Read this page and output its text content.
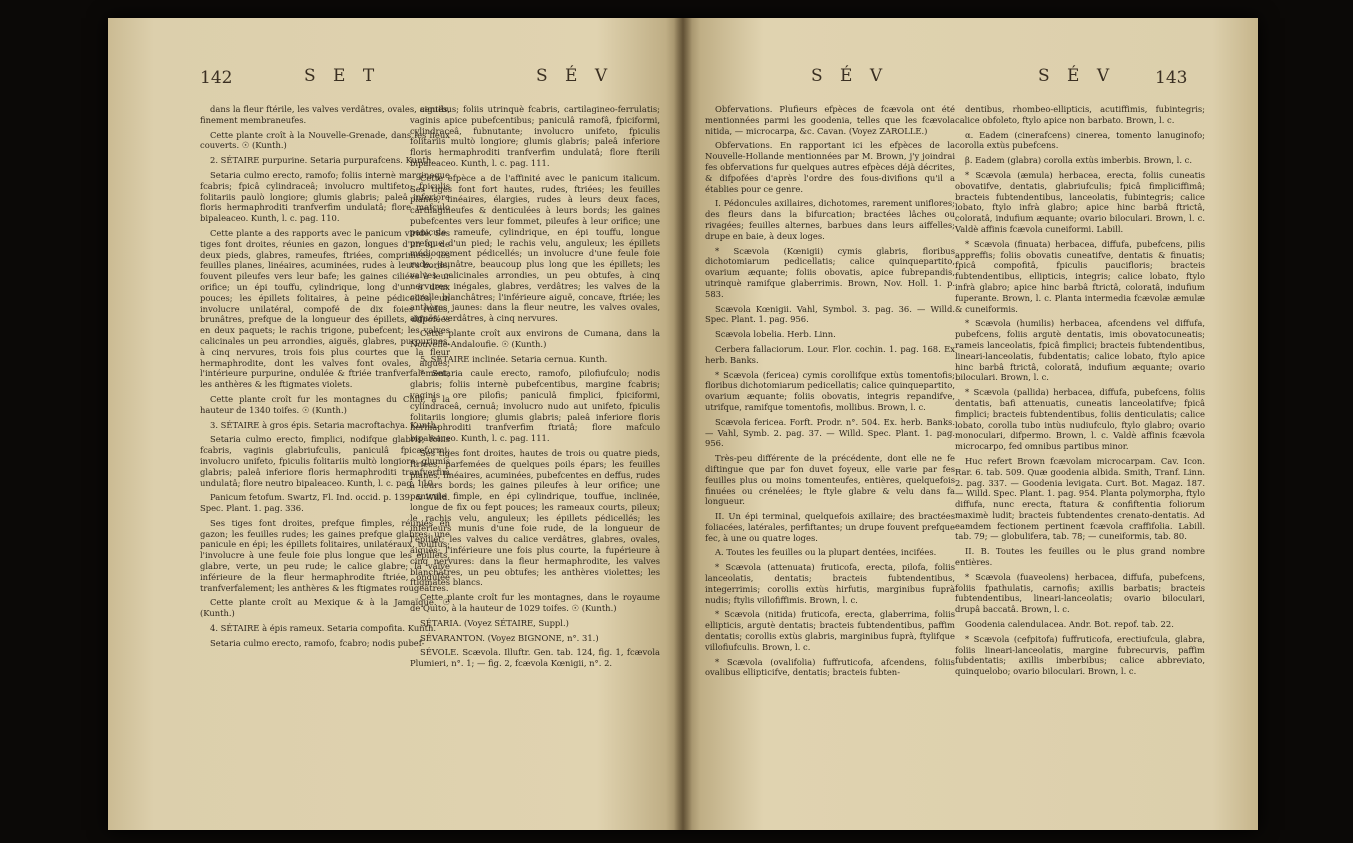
142	S E T	S É V

dans la fleur ftérile, les valves verdâtres, ovales, aiguës, finement membraneufes.

Cette plante croît à la Nouvelle-Grenade, dans les lieux couverts. ☉ (Kunth.)

2. SÉTAIRE purpurine. Setaria purpurafcens. Kunth.

Setaria culmo erecto, ramofo; foliis internè margineque fcabris; fpicâ cylindraceâ; involucro multifeto; fpiculis folitariis paulò longiore; glumis glabris; paleâ inferiore floris hermaphroditi tranfverfim undulatâ; flore mafculo bipaleaceo. Kunth, l. c. pag. 110.

Cette plante a des rapports avec le panicum viride. Ses tiges font droites, réunies en gazon, longues d'un ou de deux pieds, glabres, rameufes, ftriées, comprimées; les feuilles planes, linéaires, acuminées, rudes à leurs bords, fouvent pileufes vers leur bafe; les gaines ciliées à leur orifice; un épi touffu, cylindrique, long d'un à deux pouces; les épillets folitaires, à peine pédicellés; un involucre unilatéral, compofé de dix foies rudes, brunâtres, prefque de la longueur des épillets, difpofées en deux paquets; le rachis trigone, pubefcent; les valves calicinales un peu arrondies, aiguës, glabres, purpurines, à cinq nervures, trois fois plus courtes que la fleur hermaphrodite, dont les valves font ovales, aiguës; l'intérieure purpurine, ondulée & ftriée tranfverfalement; les anthères & les ftigmates violets.

Cette plante croît fur les montagnes du Chili, à la hauteur de 1340 toifes. ☉ (Kunth.)

3. SÉTAIRE à gros épis. Setaria macroftachya. Kunth.

Setaria culmo erecto, fimplici, nodifque glabris; foliis fcabris, vaginis glabriufculis, paniculâ fpicæformi; involucro unifeto, fpiculis folitariis multò longiore; glumis glabris; paleâ inferiore floris hermaphroditi tranfverfim undulatâ; flore neutro bipaleaceo. Kunth, l. c. pag. 110.

Panicum fetofum. Swartz, Fl. Ind. occid. p. 139, & Willd. Spec. Plant. 1. pag. 336.

Ses tiges font droites, prefque fimples, réunies en gazon; les feuilles rudes; les gaines prefque glabres; une panicule en épi; les épillets folitaires, unilatéraux, touffus; l'involucre à une feule foie plus longue que les épillets, glabre, verte, un peu rude; le calice glabre; la valve inférieure de la fleur hermaphrodite ftriée, ondulée tranfverfalement; les anthères & les ftigmates rougeâtres.

Cette plante croît au Mexique & à la Jamaïque. ☉ (Kunth.)

4. SÉTAIRE à épis rameux. Setaria compofita. Kunth.

Setaria culmo erecto, ramofo, fcabro; nodis pubef-

centibus; foliis utrinquè fcabris, cartilagineo-ferrulatis; vaginis apice pubefcentibus; paniculâ ramofâ, fpiciformi, cylindraceâ, fubnutante; involucro unifeto, fpiculis folitariis multò longiore; glumis glabris; paleâ inferiore floris hermaphroditi tranfverfim undulatâ; flore fterili bipaleaceo. Kunth, l. c. pag. 111.

Cette efpèce a de l'affinité avec le panicum italicum. Ses tiges font fort hautes, rudes, ftriées; les feuilles planes, linéaires, élargies, rudes à leurs deux faces, cartilagineufes & denticulées à leurs bords; les gaines pubefcentes vers leur fommet, pileufes à leur orifice; une panicule rameufe, cylindrique, en épi touffu, longue prefque d'un pied; le rachis velu, anguleux; les épillets médiocrement pédicellés; un involucre d'une feule foie rude, jaunâtre, beaucoup plus long que les épillets; les valves calicinales arrondies, un peu obtufes, à cinq nervures inégales, glabres, verdâtres; les valves de la corolle blanchâtres; l'inférieure aiguë, concave, ftriée; les anthères jaunes: dans la fleur neutre, les valves ovales, aiguës, verdâtres, à cinq nervures.

Cette plante croît aux environs de Cumana, dans la Nouvelle-Andaloufie. ☉ (Kunth.)

5. SÉTAIRE inclinée. Setaria cernua. Kunth.

* Setaria caule erecto, ramofo, pilofiufculo; nodis glabris; foliis internè pubefcentibus, margine fcabris; vaginis ore pilofis; paniculâ fimplici, fpiciformi, cylindraceâ, cernuâ; involucro nudo aut unifeto, fpiculis folitariis longiore; glumis glabris; paleâ inferiore floris hermaphroditi tranfverfim ftriatâ; flore mafculo bipaleaceo. Kunth, l. c. pag. 111.

Ses tiges font droites, hautes de trois ou quatre pieds, ftriées, parfemées de quelques poils épars; les feuilles planes, linéaires, acuminées, pubefcentes en deffus, rudes à leurs bords; les gaines pileufes à leur orifice; une panicule fimple, en épi cylindrique, touffue, inclinée, longue de fix ou fept pouces; les rameaux courts, pileux; le rachis velu, anguleux; les épillets pédicellés; les inférieurs munis d'une foie rude, de la longueur de l'épillet; les valves du calice verdâtres, glabres, ovales, aiguës; l'inférieure une fois plus courte, la fupérieure à cinq nervures: dans la fleur hermaphrodite, les valves blanchâtres, un peu obtufes; les anthères violettes; les ftigmates blancs.

Cette plante croît fur les montagnes, dans le royaume de Quito, à la hauteur de 1029 toifes. ☉ (Kunth.)

SÉTARIA. (Voyez SÉTAIRE, Suppl.)

SÉVARANTON. (Voyez BIGNONE, n°. 31.)

SÉVOLE. Scævola. Illuftr. Gen. tab. 124, fig. 1, fcævola Plumieri, n°. 1; — fig. 2, fcævola Kœnigii, n°. 2.

S É V	S É V 143

Obfervations. Plufieurs efpèces de fcævola ont été mentionnées parmi les goodenia, telles que les fcævola nitida, — microcarpa, &c. Cavan. (Voyez ZAROLLE.)

Obfervations. En rapportant ici les efpèces de la Nouvelle-Hollande mentionnées par M. Brown, j'y joindrai fes obfervations fur quelques autres efpèces déjà décrites, & difpofées d'après l'ordre des fous-divifions qu'il a établies pour ce genre.

I. Pédoncules axillaires, dichotomes, rarement uniflores; des fleurs dans la bifurcation; bractées lâches ou rivagées; feuilles alternes, barbues dans leurs aiffelles; drupe en baie, à deux loges.

* Scævola (Kœnigii) cymis glabris, floribus dichotomiarum pedicellatis; calice quinquepartito, ovarium æquante; foliis obovatis, apice fubrepandis, utrinquè ramifque glaberrimis. Brown, Nov. Holl. 1. p. 583.

Scævola Kœnigii. Vahl, Symbol. 3. pag. 36. — Willd. Spec. Plant. 1. pag. 956.

Scævola lobelia. Herb. Linn.

Cerbera fallaciorum. Lour. Flor. cochin. 1. pag. 168. Ex herb. Banks.

* Scævola (fericea) cymis corollifque extùs tomentofis; floribus dichotomiarum pedicellatis; calice quinquepartito, ovarium æquante; foliis obovatis, integris repandifve, utrifque, ramifque tomentofis, mollibus. Brown, l. c.

Scævola fericea. Forft. Prodr. n°. 504. Ex. herb. Banks. — Vahl, Symb. 2. pag. 37. — Willd. Spec. Plant. 1. pag. 956.

Très-peu différente de la précédente, dont elle ne fe diftingue que par fon duvet foyeux, elle varie par fes feuilles plus ou moins tomenteufes, entières, quelquefois finuées ou crénelées; le ftyle glabre & velu dans fa longueur.

II. Un épi terminal, quelquefois axillaire; des bractées foliacées, latérales, perfiftantes; un drupe fouvent prefque fec, à une ou quatre loges.

A. Toutes les feuilles ou la plupart dentées, incifées.

* Scævola (attenuata) fruticofa, erecta, pilofa, foliis lanceolatis, dentatis; bracteis fubtendentibus, integerrimis; corollis extùs hirfutis, marginibus fuprà nudis; ftylis villofiffimis. Brown, l. c.

* Scævola (nitida) fruticofa, erecta, glaberrima, foliis ellipticis, argutè dentatis; bracteis fubtendentibus, paffim dentatis; corollis extùs glabris, marginibus fuprà, ftylifque villofiufculis. Brown, l. c.

* Scævola (ovalifolia) fuffruticofa, afcendens, foliis ovalibus ellipticifve, dentatis; bracteis fubten-

dentibus, rhombeo-ellipticis, acutiffimis, fubintegris; calice obfoleto, ftylo apice non barbato. Brown, l. c.

α. Eadem (cinerafcens) cinerea, tomento lanuginofo; corolla extùs pubefcens.

β. Eadem (glabra) corolla extùs imberbis. Brown, l. c.

* Scævola (æmula) herbacea, erecta, foliis cuneatis obovatifve, dentatis, glabriufculis; fpicâ fimpliciffimâ; bracteis fubtendentibus, lanceolatis, fubintegris; calice lobato, ftylo infrà glabro; apice hinc barbâ ftrictâ, coloratâ, indufium æquante; ovario biloculari. Brown, l. c. Valdè affinis fcævola cuneiformi. Labill.

* Scævola (finuata) herbacea, diffufa, pubefcens, pilis appreffis; foliis obovatis cuneatifve, dentatis & finuatis; fpicâ compofitâ, fpiculis paucifloris; bracteis fubtendentibus, ellipticis, integris; calice lobato, ftylo infrà glabro; apice hinc barbâ ftrictâ, coloratâ, indufium fuperante. Brown, l. c. Planta intermedia fcævolæ æmulæ & cuneiformis.

* Scævola (humilis) herbacea, afcendens vel diffufa, pubefcens, foliis argutè dentatis, imis obovatocuneatis; rameis lanceolatis, fpicâ fimplici; bracteis fubtendentibus, lineari-lanceolatis, fubdentatis; calice lobato, ftylo apice hinc barbâ ftrictâ, coloratâ, indufium æquante; ovario biloculari. Brown, l. c.

* Scævola (pallida) herbacea, diffufa, pubefcens, foliis dentatis, bafi attenuatis, cuneatis lanceolatifve; fpicâ fimplici; bracteis fubtendentibus, foliis denticulatis; calice lobato, corolla tubo intùs nudiufculo, ftylo glabro; ovario monoculari, difpermo. Brown, l. c. Valdè affinis fcævola microcarpo, fed omnibus partibus minor.

Huc refert Brown fcævolam microcarpam. Cav. Icon. Rar. 6. tab. 509. Quæ goodenia albida. Smith, Tranf. Linn. 2. pag. 337. — Goodenia levigata. Curt. Bot. Magaz. 187. — Willd. Spec. Plant. 1. pag. 954. Planta polymorpha, ftylo diffufa, nunc erecta, ftatura & confiftentia foliorum maximè ludit; bracteis fubtendentes crenato-dentatis. Ad eamdem fectionem pertinent fcævola craffifolia. Labill. tab. 79; — globulifera, tab. 78; — cuneiformis, tab. 80.

II. B. Toutes les feuilles ou le plus grand nombre entières.

* Scævola (fuaveolens) herbacea, diffufa, pubefcens, foliis fpathulatis, carnofis; axillis barbatis; bracteis fubtendentibus, lineari-lanceolatis; ovario biloculari, drupâ baccatâ. Brown, l. c.

Goodenia calendulacea. Andr. Bot. repof. tab. 22.

* Scævola (cefpitofa) fuffruticofa, erectiufcula, glabra, foliis lineari-lanceolatis, margine fubrecurvis, paffim fubdentatis; axillis imberbibus; calice abbreviato, quinquelobo; ovario biloculari. Brown, l. c.
